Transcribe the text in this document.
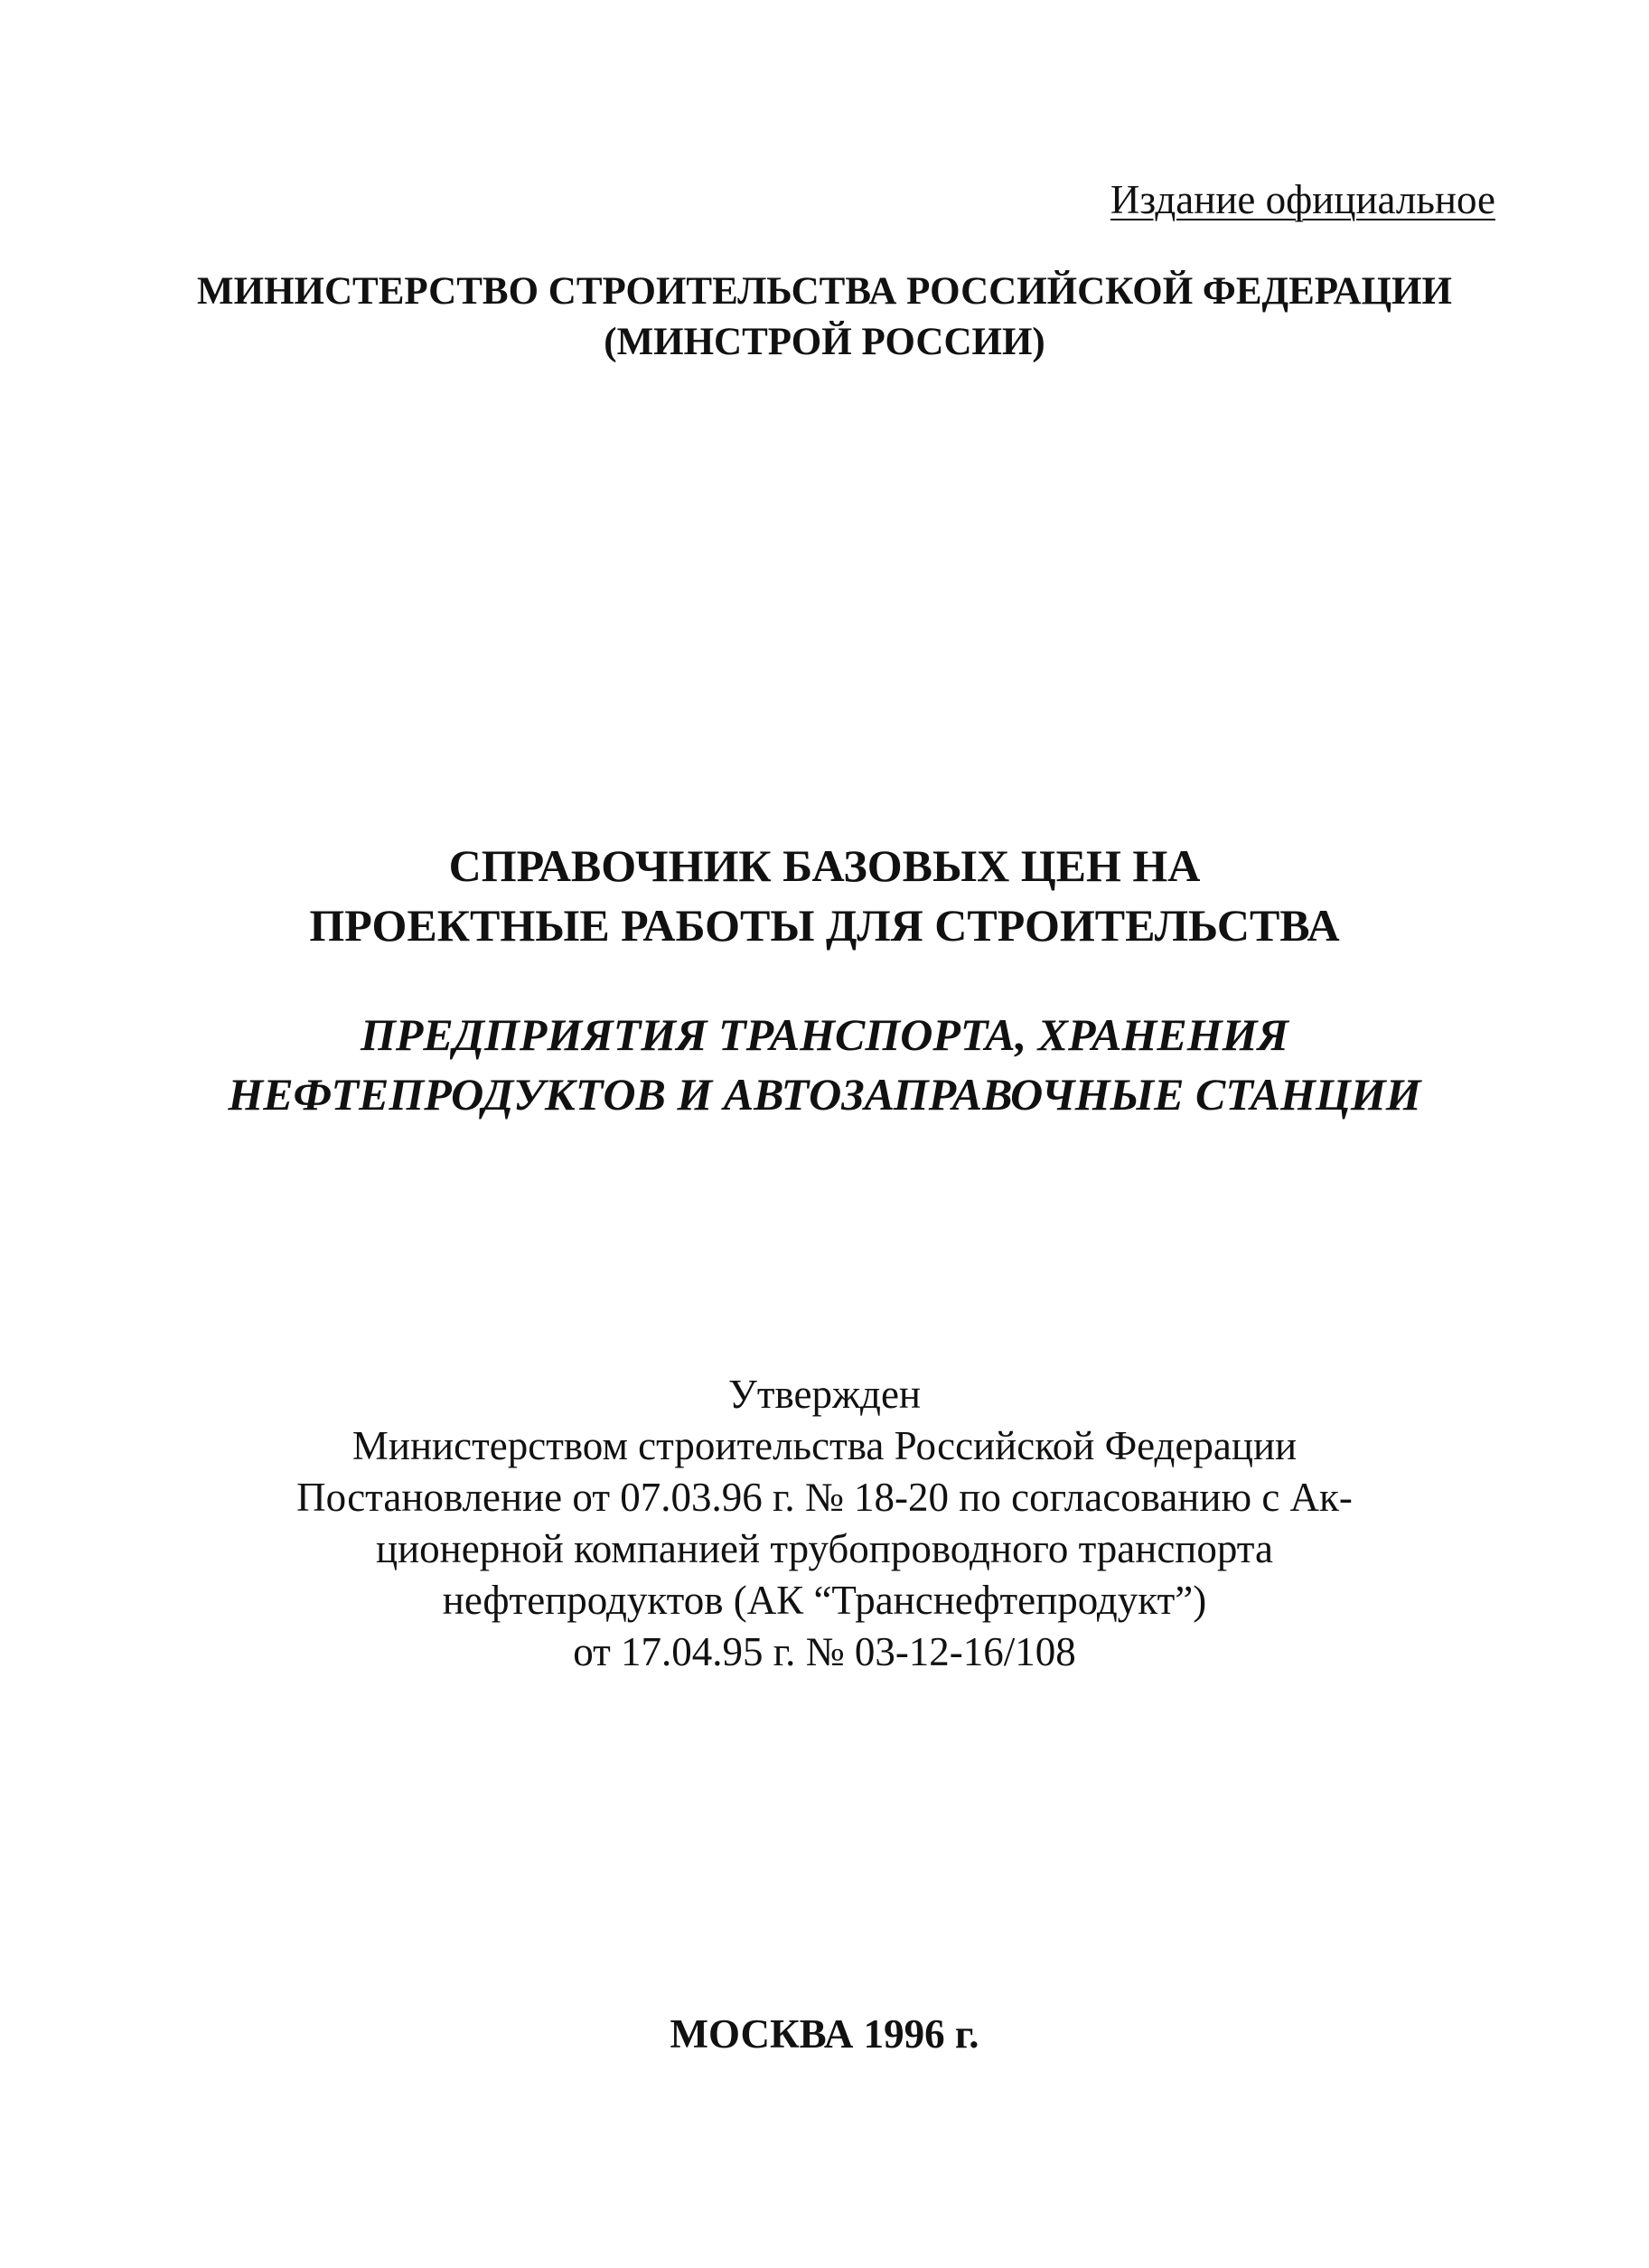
Издание официальное
МИНИСТЕРСТВО СТРОИТЕЛЬСТВА РОССИЙСКОЙ ФЕДЕРАЦИИ
(МИНСТРОЙ РОССИИ)
СПРАВОЧНИК БАЗОВЫХ ЦЕН НА
ПРОЕКТНЫЕ РАБОТЫ ДЛЯ СТРОИТЕЛЬСТВА
ПРЕДПРИЯТИЯ ТРАНСПОРТА, ХРАНЕНИЯ
НЕФТЕПРОДУКТОВ И АВТОЗАПРАВОЧНЫЕ СТАНЦИИ
Утвержден
Министерством строительства Российской Федерации
Постановление от 07.03.96 г. № 18-20 по согласованию с Ак-
ционерной компанией трубопроводного транспорта
нефтепродуктов (АК “Транснефтепродукт”)
от 17.04.95 г. № 03-12-16/108
МОСКВА 1996 г.
